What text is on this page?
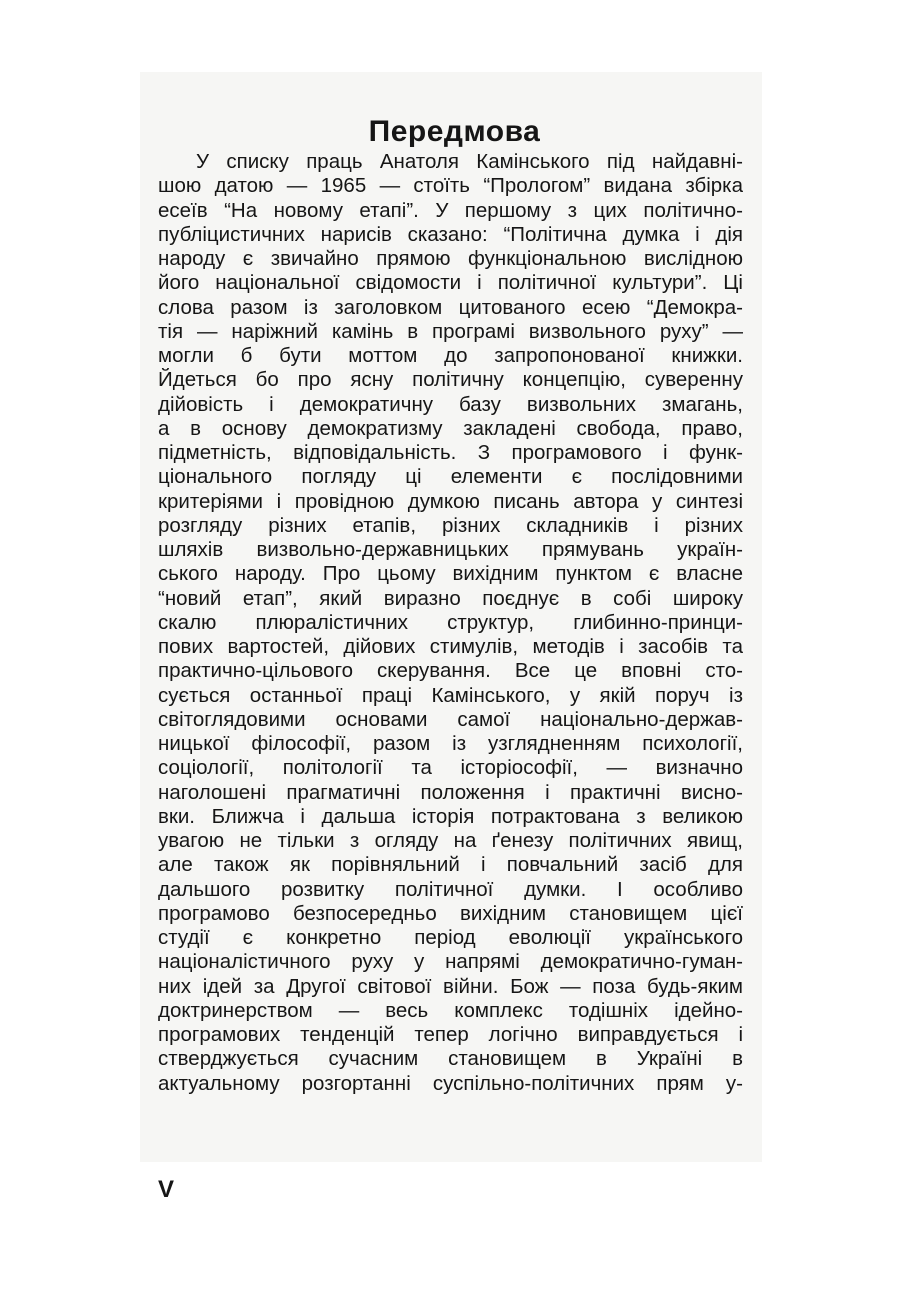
Передмова
У списку праць Анатоля Камінського під найдавні-
шою датою — 1965 — стоїть “Прологом” видана збірка
есеїв “На новому етапі”. У першому з цих політично-
публіцистичних нарисів сказано: “Політична думка і дія
народу є звичайно прямою функціональною вислідною
його національної свідомости і політичної культури”. Ці
слова разом із заголовком цитованого есею “Демокра-
тія — наріжний камінь в програмі визвольного руху” —
могли б бути моттом до запропонованої книжки.
Йдеться бо про ясну політичну концепцію, суверенну
дійовість і демократичну базу визвольних змагань,
а в основу демократизму закладені свобода, право,
підметність, відповідальність. З програмового і функ-
ціонального погляду ці елементи є послідовними
критеріями і провідною думкою писань автора у синтезі
розгляду різних етапів, різних складників і різних
шляхів визвольно-державницьких прямувань україн-
ського народу. Про цьому вихідним пунктом є власне
“новий етап”, який виразно поєднує в собі широку
скалю плюралістичних структур, глибинно-принци-
пових вартостей, дійових стимулів, методів і засобів та
практично-цільового скерування. Все це вповні сто-
сується останньої праці Камінського, у якій поруч із
світоглядовими основами самої національно-держав-
ницької філософії, разом із узглядненням психології,
соціології, політології та історіософії, — визначно
наголошені прагматичні положення і практичні висно-
вки. Ближча і дальша історія потрактована з великою
увагою не тільки з огляду на ґенезу політичних явищ,
але також як порівняльний і повчальний засіб для
дальшого розвитку політичної думки. І особливо
програмово безпосередньо вихідним становищем цієї
студії є конкретно період еволюції українського
націоналістичного руху у напрямі демократично-гуман-
них ідей за Другої світової війни. Бож — поза будь-яким
доктринерством — весь комплекс тодішніх ідейно-
програмових тенденцій тепер логічно виправдується і
стверджується сучасним становищем в Україні в
актуальному розгортанні суспільно-політичних прям у-

V
